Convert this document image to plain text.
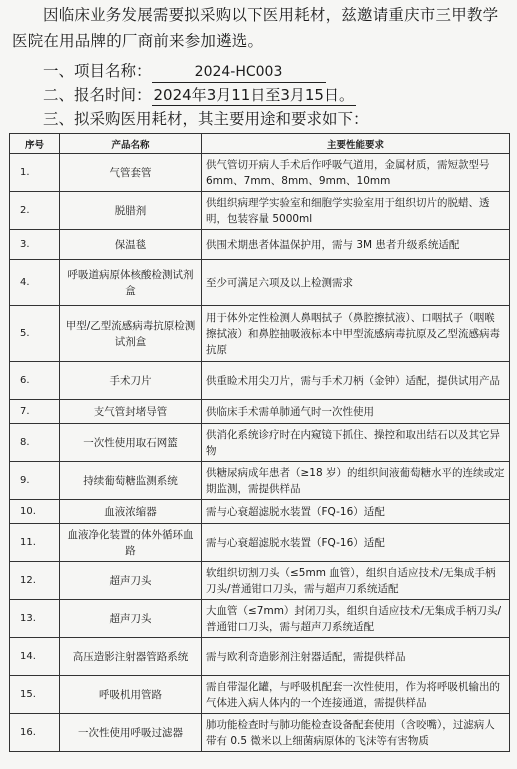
因临床业务发展需要拟采购以下医用耗材，兹邀请重庆市三甲教学医院在用品牌的厂商前来参加遴选。
一、项目名称：	2024-HC003
二、报名时间： 2024年3月11日至3月15日。
三、拟采购医用耗材，其主要用途和要求如下：
序号	产品名称	主要性能要求
1.	气管套管	供气管切开病人手术后作呼吸气道用，金属材质，需短款型号 6mm、7mm、8mm、9mm、10mm
2.	脱腊剂	供组织病理学实验室和细胞学实验室用于组织切片的脱蜡、透明，包装容量 5000ml
3.	保温毯	供围术期患者体温保护用，需与 3M 患者升级系统适配
4.	呼吸道病原体核酸检测试剂盒	至少可满足六项及以上检测需求
5.	甲型/乙型流感病毒抗原检测试剂盒	用于体外定性检测人鼻咽拭子（鼻腔擦拭液）、口咽拭子（咽喉擦拭液）和鼻腔抽吸液标本中甲型流感病毒抗原及乙型流感病毒抗原
6.	手术刀片	供重睑术用尖刀片，需与手术刀柄（金钟）适配，提供试用产品
7.	支气管封堵导管	供临床手术需单肺通气时一次性使用
8.	一次性使用取石网篮	供消化系统诊疗时在内窥镜下抓住、操控和取出结石以及其它异物
9.	持续葡萄糖监测系统	供糖尿病成年患者（≥18 岁）的组织间液葡萄糖水平的连续或定期监测，需提供样品
10.	血液浓缩器	需与心衰超滤脱水装置（FQ-16）适配
11.	血液净化装置的体外循环血路	需与心衰超滤脱水装置（FQ-16）适配
12.	超声刀头	软组织切割刀头（≤5mm 血管），组织自适应技术/无集成手柄刀头/普通钳口刀头，需与超声刀系统适配
13.	超声刀头	大血管（≤7mm）封闭刀头，组织自适应技术/无集成手柄刀头/普通钳口刀头，需与超声刀系统适配
14.	高压造影注射器管路系统	需与欧利奇造影剂注射器适配，需提供样品
15.	呼吸机用管路	需自带湿化罐，与呼吸机配套一次性使用，作为将呼吸机输出的气体进入病人体内的一个连接通道，需提供样品
16.	一次性使用呼吸过滤器	肺功能检查时与肺功能检查设备配套使用（含咬嘴），过滤病人带有 0.5 微米以上细菌病原体的飞沫等有害物质
